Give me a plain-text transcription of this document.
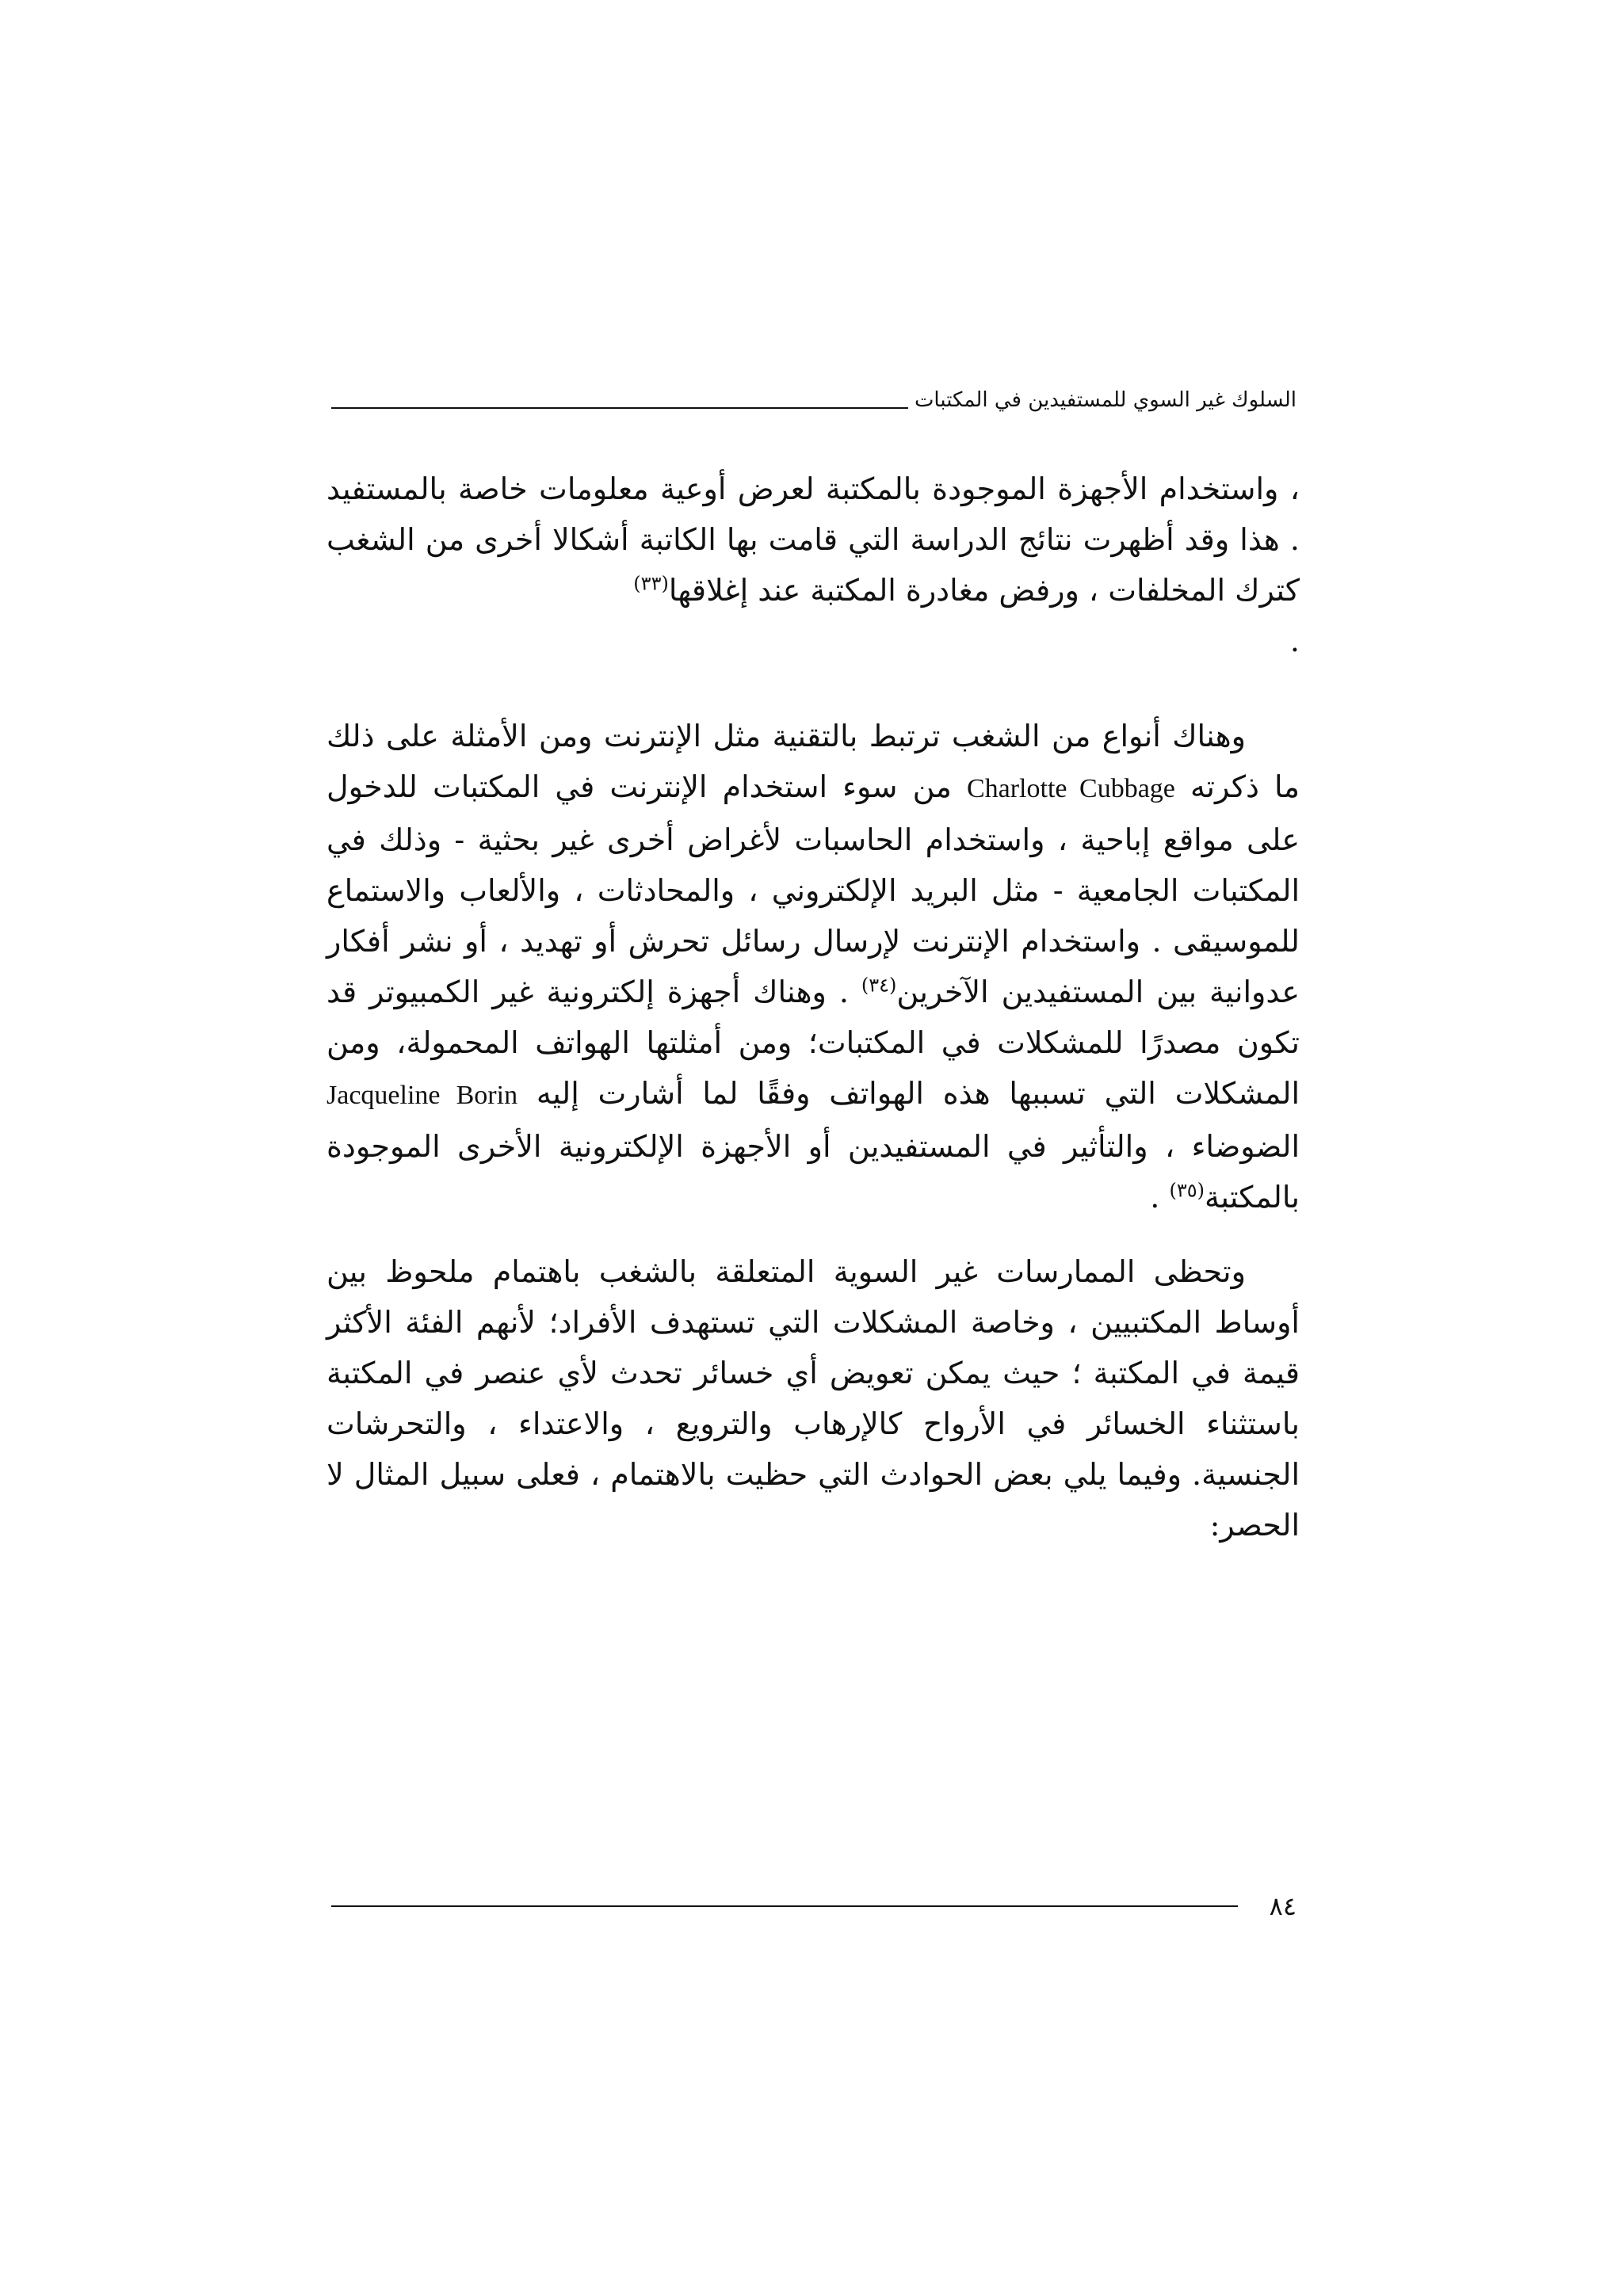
السلوك غير السوي للمستفيدين في المكتبات

، واستخدام الأجهزة الموجودة بالمكتبة لعرض أوعية معلومات خاصة بالمستفيد . هذا وقد أظهرت نتائج الدراسة التي قامت بها الكاتبة أشكالا أخرى من الشغب كترك المخلفات ، ورفض مغادرة المكتبة عند إغلاقها$^{(٣٣)}$

.

وهناك أنواع من الشغب ترتبط بالتقنية مثل الإنترنت ومن الأمثلة على ذلك ما ذكرته Charlotte Cubbage من سوء استخدام الإنترنت في المكتبات للدخول على مواقع إباحية ، واستخدام الحاسبات لأغراض أخرى غير بحثية - وذلك في المكتبات الجامعية - مثل البريد الإلكتروني ، والمحادثات ، والألعاب والاستماع للموسيقى . واستخدام الإنترنت لإرسال رسائل تحرش أو تهديد ، أو نشر أفكار عدوانية بين المستفيدين الآخرين$^{(٣٤)}$ . وهناك أجهزة إلكترونية غير الكمبيوتر قد تكون مصدرًا للمشكلات في المكتبات؛ ومن أمثلتها الهواتف المحمولة، ومن المشكلات التي تسببها هذه الهواتف وفقًا لما أشارت إليه Jacqueline Borin الضوضاء ، والتأثير في المستفيدين أو الأجهزة الإلكترونية الأخرى الموجودة بالمكتبة$^{(٣٥)}$ .

وتحظى الممارسات غير السوية المتعلقة بالشغب باهتمام ملحوظ بين أوساط المكتبيين ، وخاصة المشكلات التي تستهدف الأفراد؛ لأنهم الفئة الأكثر قيمة في المكتبة ؛ حيث يمكن تعويض أي خسائر تحدث لأي عنصر في المكتبة باستثناء الخسائر في الأرواح كالإرهاب والترويع ، والاعتداء ، والتحرشات الجنسية. وفيما يلي بعض الحوادث التي حظيت بالاهتمام ، فعلى سبيل المثال لا الحصر:

٨٤
